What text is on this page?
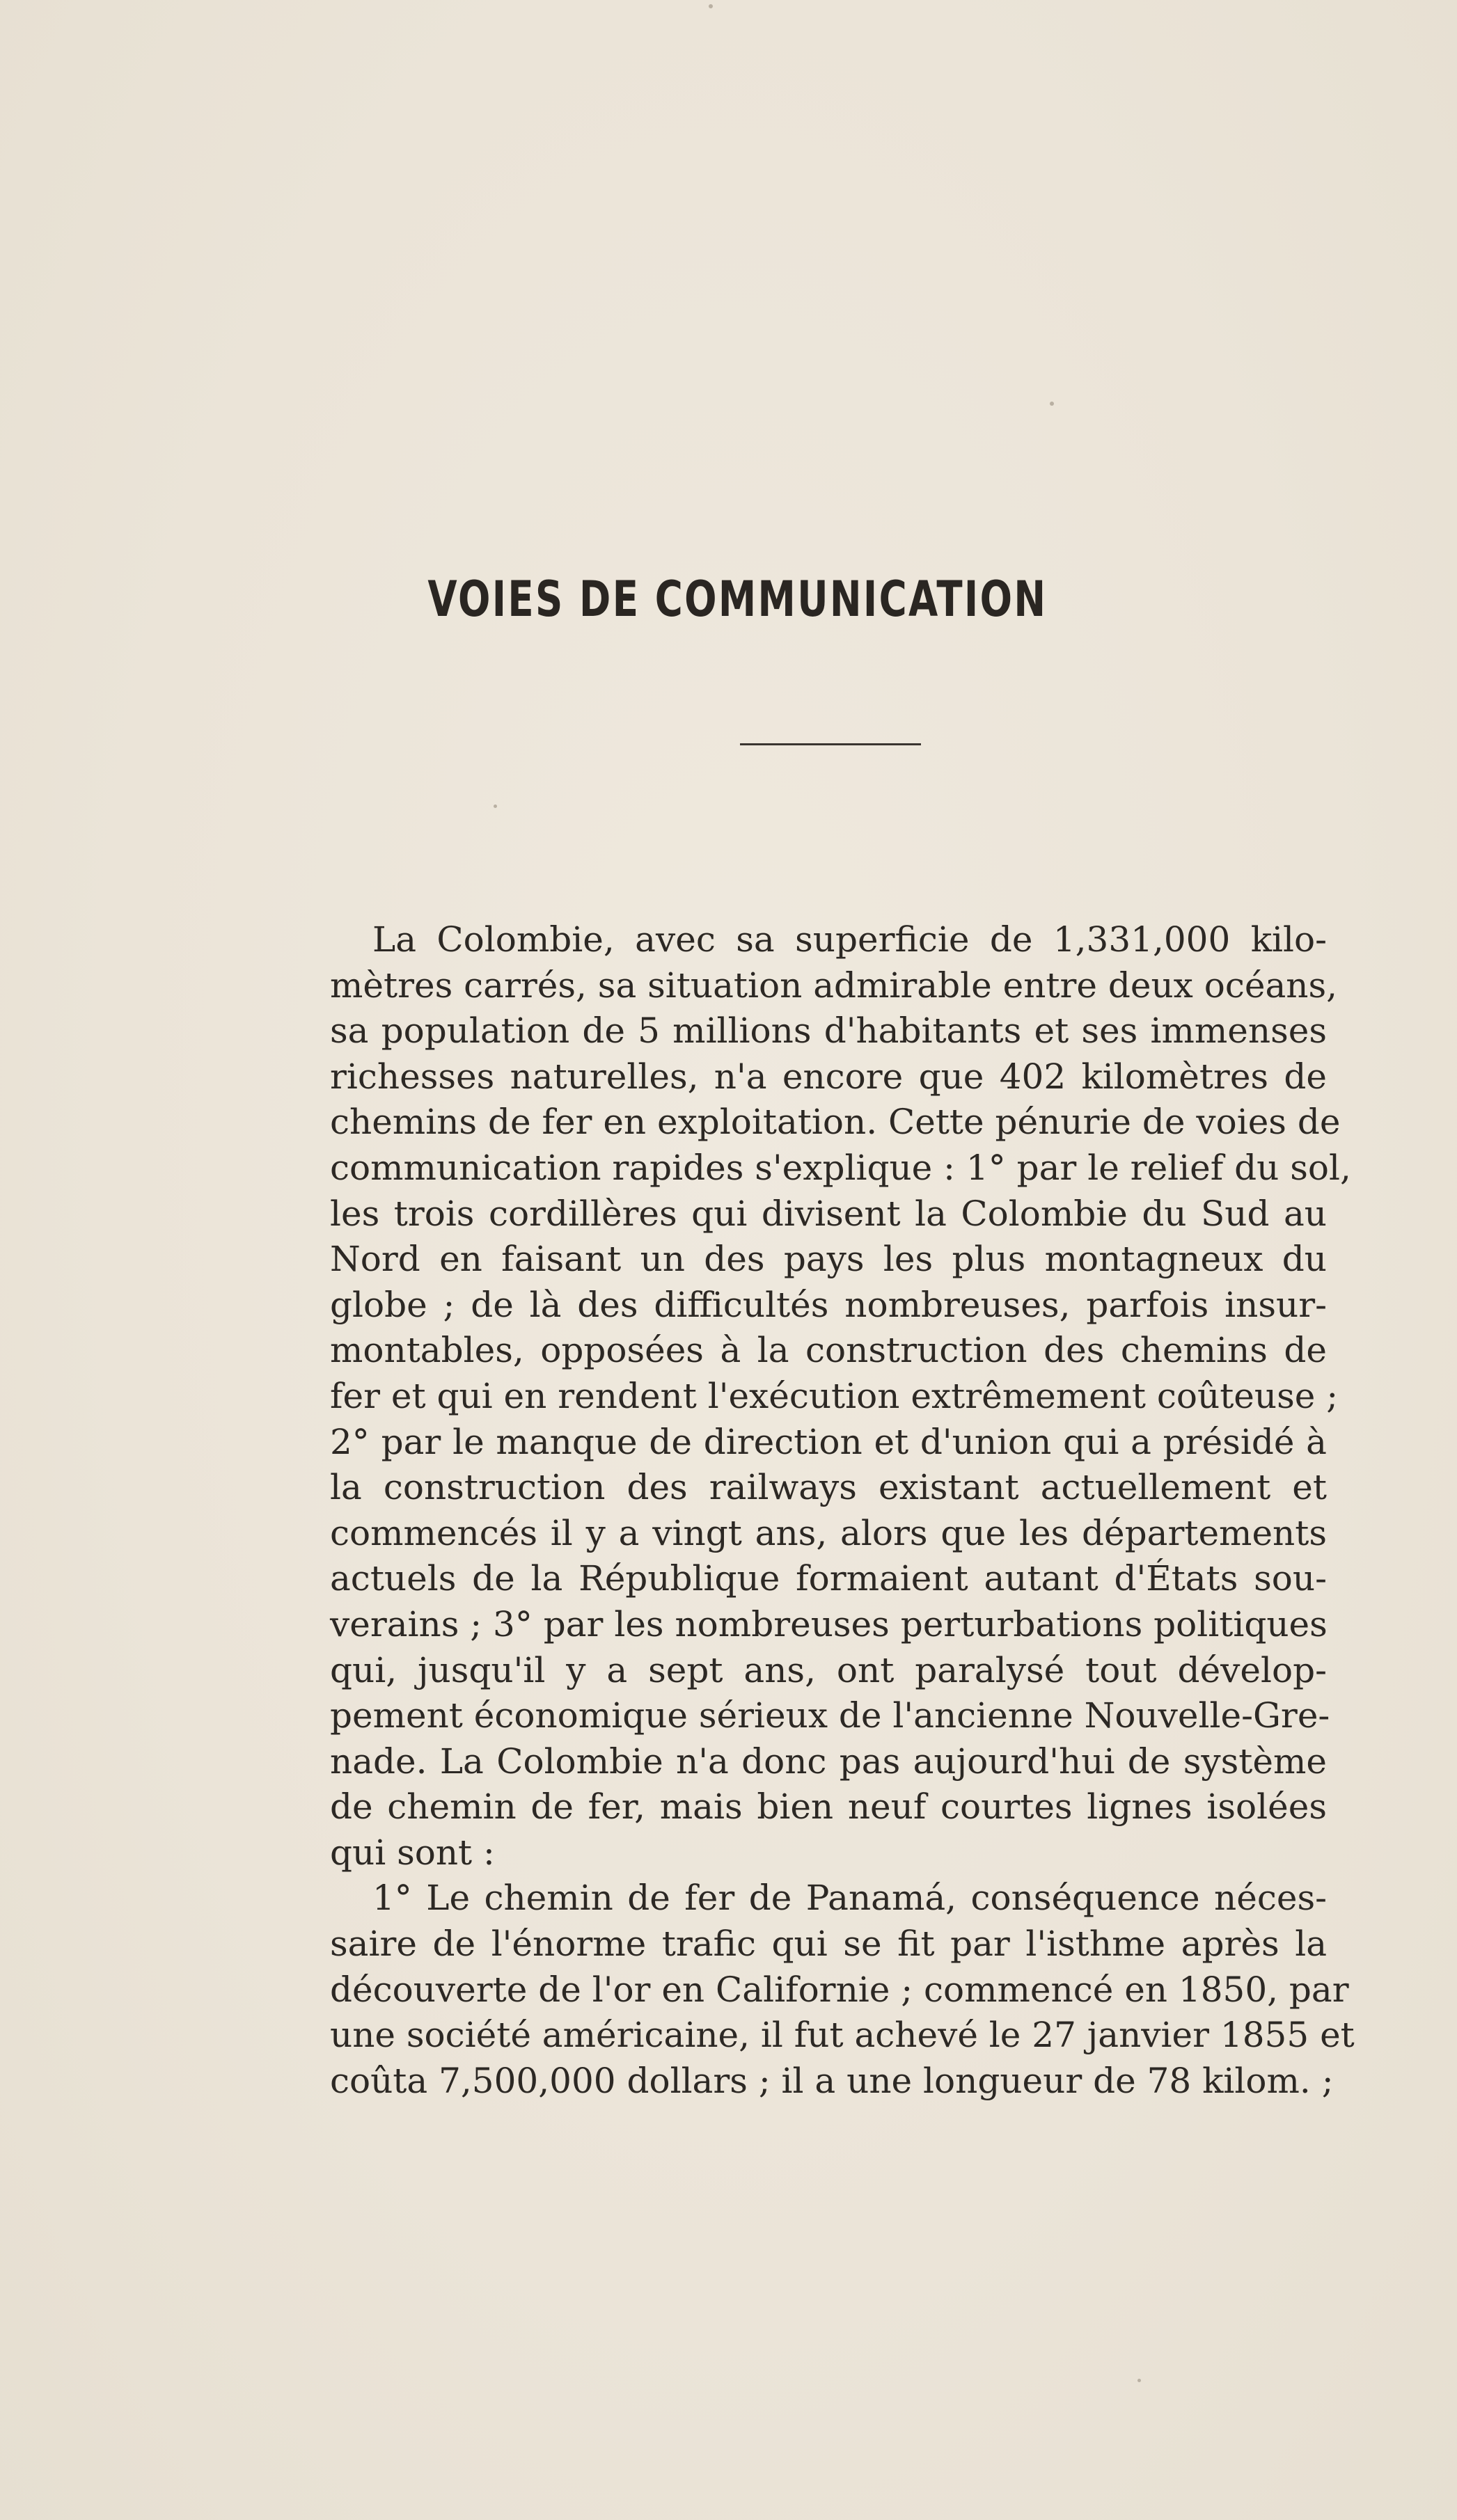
VOIES DE COMMUNICATION
La Colombie, avec sa superficie de 1,331,000 kilo-
mètres carrés, sa situation admirable entre deux océans,
sa population de 5 millions d'habitants et ses immenses
richesses naturelles, n'a encore que 402 kilomètres de
chemins de fer en exploitation. Cette pénurie de voies de
communication rapides s'explique : 1° par le relief du sol,
les trois cordillères qui divisent la Colombie du Sud au
Nord en faisant un des pays les plus montagneux du
globe ; de là des difficultés nombreuses, parfois insur-
montables, opposées à la construction des chemins de
fer et qui en rendent l'exécution extrêmement coûteuse ;
2° par le manque de direction et d'union qui a présidé à
la construction des railways existant actuellement et
commencés il y a vingt ans, alors que les départements
actuels de la République formaient autant d'États sou-
verains ; 3° par les nombreuses perturbations politiques
qui, jusqu'il y a sept ans, ont paralysé tout dévelop-
pement économique sérieux de l'ancienne Nouvelle-Gre-
nade. La Colombie n'a donc pas aujourd'hui de système
de chemin de fer, mais bien neuf courtes lignes isolées
qui sont :
1° Le chemin de fer de Panamá, conséquence néces-
saire de l'énorme trafic qui se fit par l'isthme après la
découverte de l'or en Californie ; commencé en 1850, par
une société américaine, il fut achevé le 27 janvier 1855 et
coûta 7,500,000 dollars ; il a une longueur de 78 kilom. ;
